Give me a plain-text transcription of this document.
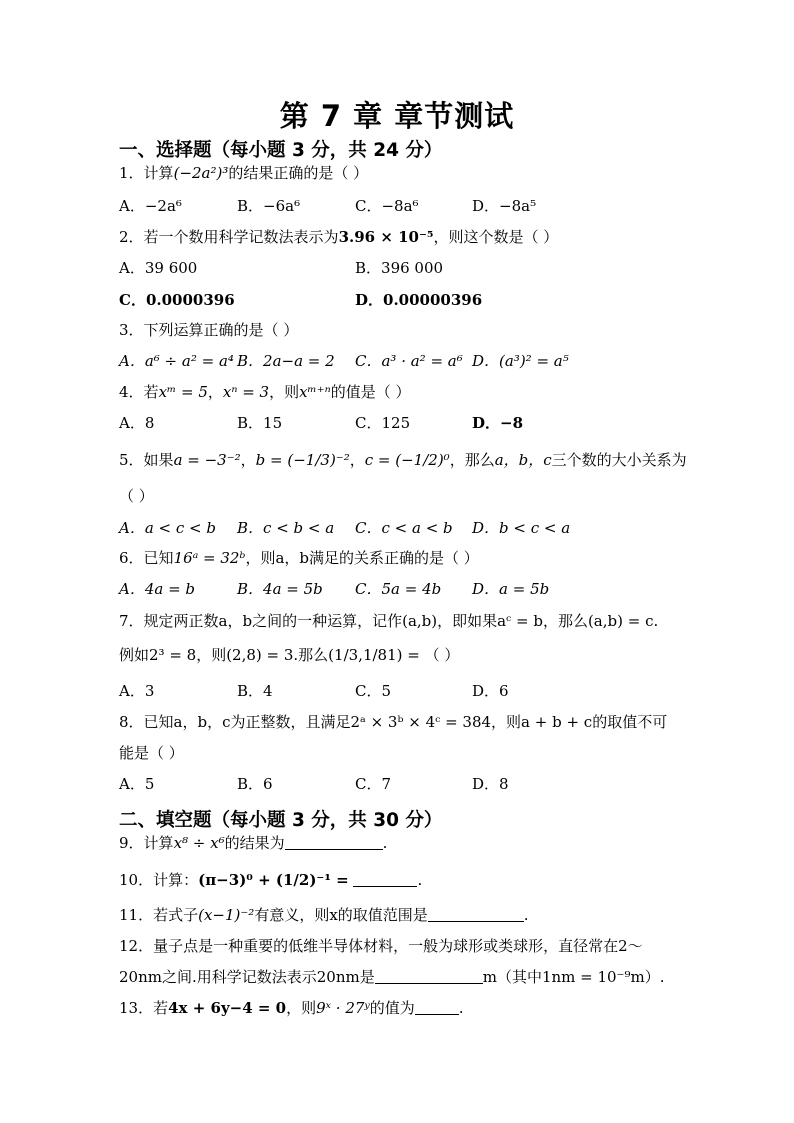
第 7 章 章节测试
一、选择题（每小题 3 分，共 24 分）
1．计算(−2a²)³的结果正确的是（ ）
A．−2a⁶	B．−6a⁶	C．−8a⁶	D．−8a⁵
2．若一个数用科学记数法表示为3.96 × 10⁻⁵，则这个数是（ ）
A．39 600	B．396 000
C．0.0000396	D．0.00000396
3．下列运算正确的是（ ）
A．a⁶ ÷ a² = a⁴ B．2a−a = 2 C．a³ · a² = a⁶ D．(a³)² = a⁵
4．若xᵐ = 5，xⁿ = 3，则xᵐ⁺ⁿ的值是（ ）
A．8	B．15	C．125	D．−8
5．如果a = −3⁻²，b = (−1/3)⁻²，c = (−1/2)⁰，那么a，b，c三个数的大小关系为
（ ）
A．a < c < b B．c < b < a C．c < a < b D．b < c < a
6．已知16ᵃ = 32ᵇ，则a，b满足的关系正确的是（ ）
A．4a = b	B．4a = 5b C．5a = 4b D．a = 5b
7．规定两正数a，b之间的一种运算，记作(a,b)，即如果aᶜ = b，那么(a,b) = c.
例如2³ = 8，则(2,8) = 3.那么(1/3,1/81) = （ ）
A．3	B．4	C．5	D．6
8．已知a，b，c为正整数，且满足2ᵃ × 3ᵇ × 4ᶜ = 384，则a + b + c的取值不可
能是（ ）
A．5	B．6	C．7	D．8
二、填空题（每小题 3 分，共 30 分）
9．计算x⁸ ÷ x⁶的结果为	.
10．计算：(π−3)⁰ + (1/2)⁻¹ =	.
11．若式子(x−1)⁻²有意义，则x的取值范围是	.
12．量子点是一种重要的低维半导体材料，一般为球形或类球形，直径常在2～
20nm之间.用科学记数法表示20nm是	m（其中1nm = 10⁻⁹m）.
13．若4x + 6y−4 = 0，则9ˣ · 27ʸ的值为	.
